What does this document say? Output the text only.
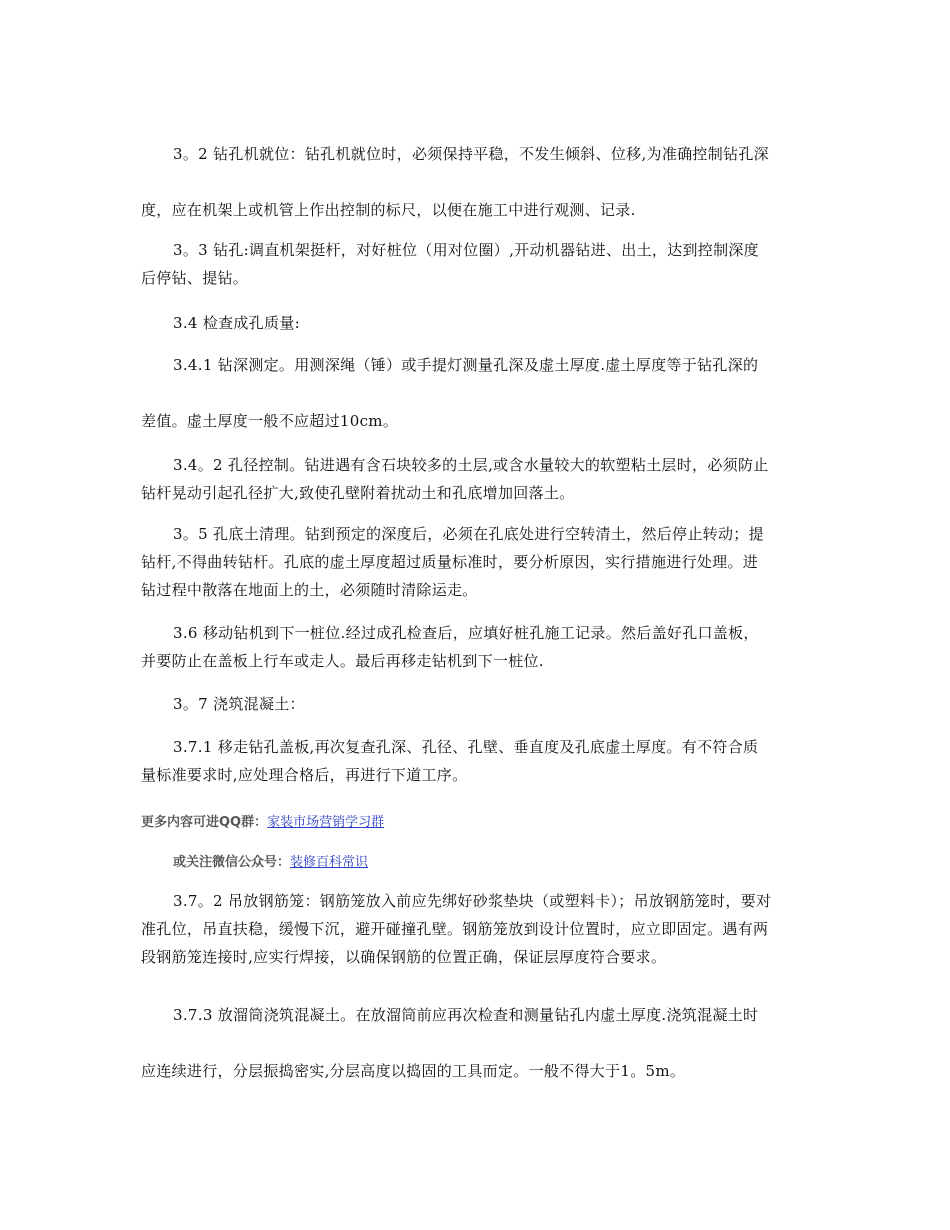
3。2 钻孔机就位：钻孔机就位时，必须保持平稳，不发生倾斜、位移,为准确控制钻孔深
度，应在机架上或机管上作出控制的标尺，以便在施工中进行观测、记录.

3。3 钻孔:调直机架挺杆，对好桩位（用对位圈）,开动机器钻进、出土，达到控制深度
后停钻、提钻。

3.4 检查成孔质量:

3.4.1 钻深测定。用测深绳（锤）或手提灯测量孔深及虚土厚度.虚土厚度等于钻孔深的
差值。虚土厚度一般不应超过10cm。

3.4。2 孔径控制。钻进遇有含石块较多的土层,或含水量较大的软塑粘土层时，必须防止
钻杆晃动引起孔径扩大,致使孔壁附着扰动土和孔底增加回落土。

3。5 孔底土清理。钻到预定的深度后，必须在孔底处进行空转清土，然后停止转动；提
钻杆,不得曲转钻杆。孔底的虚土厚度超过质量标准时，要分析原因，实行措施进行处理。进
钻过程中散落在地面上的土，必须随时清除运走。

3.6 移动钻机到下一桩位.经过成孔检查后，应填好桩孔施工记录。然后盖好孔口盖板，
并要防止在盖板上行车或走人。最后再移走钻机到下一桩位.

3。7 浇筑混凝土：

3.7.1 移走钻孔盖板,再次复查孔深、孔径、孔壁、垂直度及孔底虚土厚度。有不符合质
量标准要求时,应处理合格后，再进行下道工序。

更多内容可进QQ群：家装市场营销学习群

或关注微信公众号：装修百科常识

3.7。2 吊放钢筋笼：钢筋笼放入前应先绑好砂浆垫块（或塑料卡）；吊放钢筋笼时，要对
准孔位，吊直扶稳，缓慢下沉，避开碰撞孔壁。钢筋笼放到设计位置时，应立即固定。遇有两
段钢筋笼连接时,应实行焊接，以确保钢筋的位置正确，保证层厚度符合要求。

3.7.3 放溜筒浇筑混凝土。在放溜筒前应再次检查和测量钻孔内虚土厚度.浇筑混凝土时
应连续进行，分层振捣密实,分层高度以捣固的工具而定。一般不得大于1。5m。
